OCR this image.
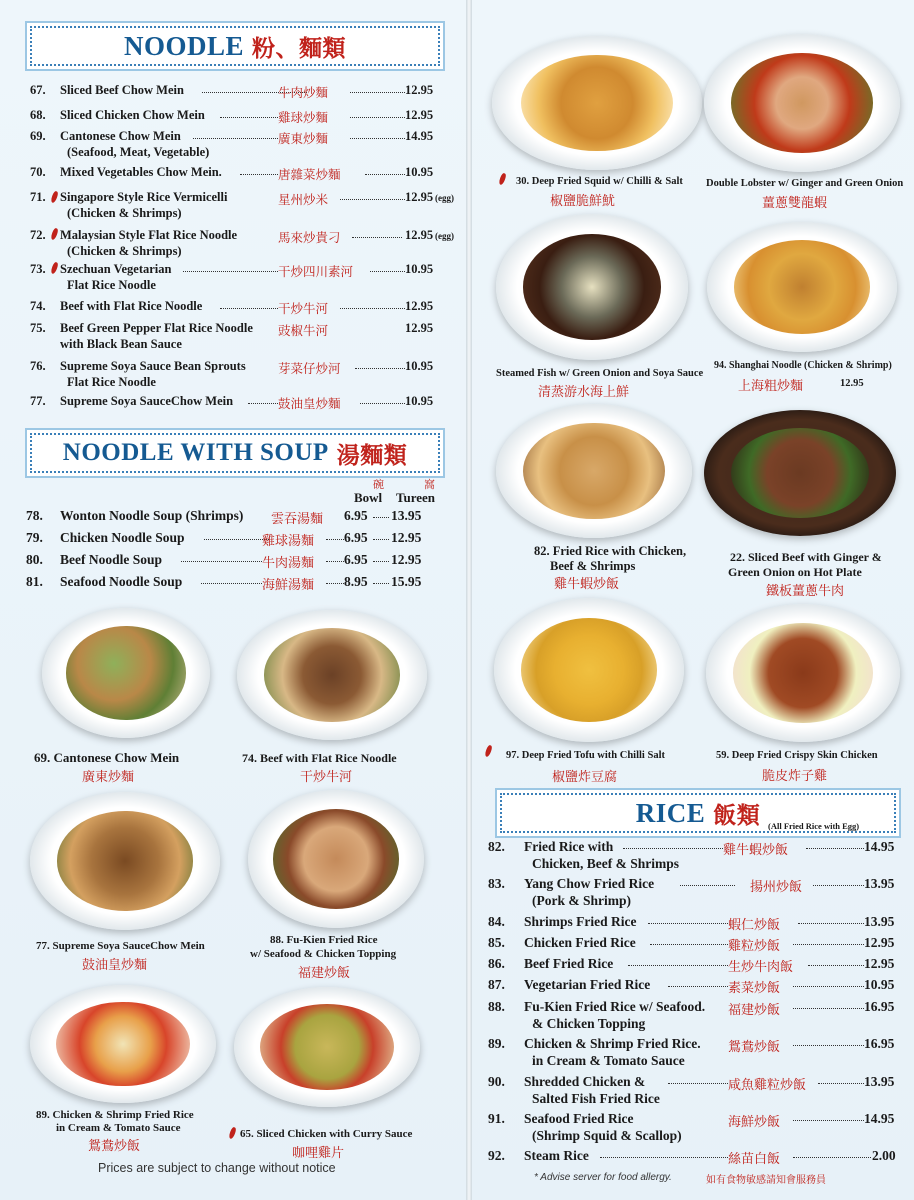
NOODLE 粉、麵類
67. Sliced Beef Chow Mein	牛肉炒麵	12.95
68. Sliced Chicken Chow Mein	雞球炒麵	12.95
69. Cantonese Chow Mein	廣東炒麵	14.95
(Seafood, Meat, Vegetable)
70. Mixed Vegetables Chow Mein.	唐雜菜炒麵	10.95
71. Singapore Style Rice Vermicelli	星州炒米	12.95 (egg)
(Chicken & Shrimps)
72. Malaysian Style Flat Rice Noodle	馬來炒貴刁	12.95 (egg)
(Chicken & Shrimps)
73. Szechuan Vegetarian	干炒四川素河	10.95
Flat Rice Noodle
74. Beef with Flat Rice Noodle	干炒牛河	12.95
75. Beef Green Pepper Flat Rice Noodle 豉椒牛河	12.95
with Black Bean Sauce
76. Supreme Soya Sauce Bean Sprouts	芽菜仔炒河	10.95
Flat Rice Noodle
77. Supreme Soya SauceChow Mein	鼓油皇炒麵	10.95
NOODLE WITH SOUP 湯麵類
碗	窩
Bowl Tureen
78. Wonton Noodle Soup (Shrimps) 雲吞湯麵 6.95 13.95
79. Chicken Noodle Soup	雞球湯麵 6.95 12.95
80. Beef Noodle Soup	牛肉湯麵 6.95 12.95
81. Seafood Noodle Soup	海鮮湯麵 8.95 15.95
69. Cantonese Chow Mein
廣東炒麵
74. Beef with Flat Rice Noodle
干炒牛河
77. Supreme Soya SauceChow Mein
鼓油皇炒麵
88. Fu-Kien Fried Rice
w/ Seafood & Chicken Topping
福建炒飯
89. Chicken & Shrimp Fried Rice
in Cream & Tomato Sauce
鴛鴦炒飯
65. Sliced Chicken with Curry Sauce
咖哩雞片
Prices are subject to change without notice
30. Deep Fried Squid w/ Chilli & Salt
椒鹽脆鮮魷
Double Lobster w/ Ginger and Green Onion
薑蔥雙龍蝦
Steamed Fish w/ Green Onion and Soya Sauce
清蒸游水海上鮮
94. Shanghai Noodle (Chicken & Shrimp)
上海粗炒麵	12.95
82. Fried Rice with Chicken,
Beef & Shrimps
雞牛蝦炒飯
22. Sliced Beef with Ginger &
Green Onion on Hot Plate
鐵板薑蔥牛肉
97. Deep Fried Tofu with Chilli Salt
椒鹽炸豆腐
59. Deep Fried Crispy Skin Chicken
脆皮炸子雞
RICE 飯類 (All Fried Rice with Egg)
82. Fried Rice with	雞牛蝦炒飯	14.95
Chicken, Beef & Shrimps
83. Yang Chow Fried Rice	揚州炒飯	13.95
(Pork & Shrimp)
84. Shrimps Fried Rice	蝦仁炒飯	13.95
85. Chicken Fried Rice	雞粒炒飯	12.95
86. Beef Fried Rice	生炒牛肉飯	12.95
87. Vegetarian Fried Rice	素菜炒飯	10.95
88. Fu-Kien Fried Rice w/ Seafood. 福建炒飯	16.95
& Chicken Topping
89. Chicken & Shrimp Fried Rice. 鴛鴦炒飯	16.95
in Cream & Tomato Sauce
90. Shredded Chicken &	咸魚雞粒炒飯	13.95
Salted Fish Fried Rice
91. Seafood Fried Rice	海鮮炒飯	14.95
(Shrimp Squid & Scallop)
92. Steam Rice	絲苗白飯	2.00
* Advise server for food allergy.	如有食物敏感請知會服務員
